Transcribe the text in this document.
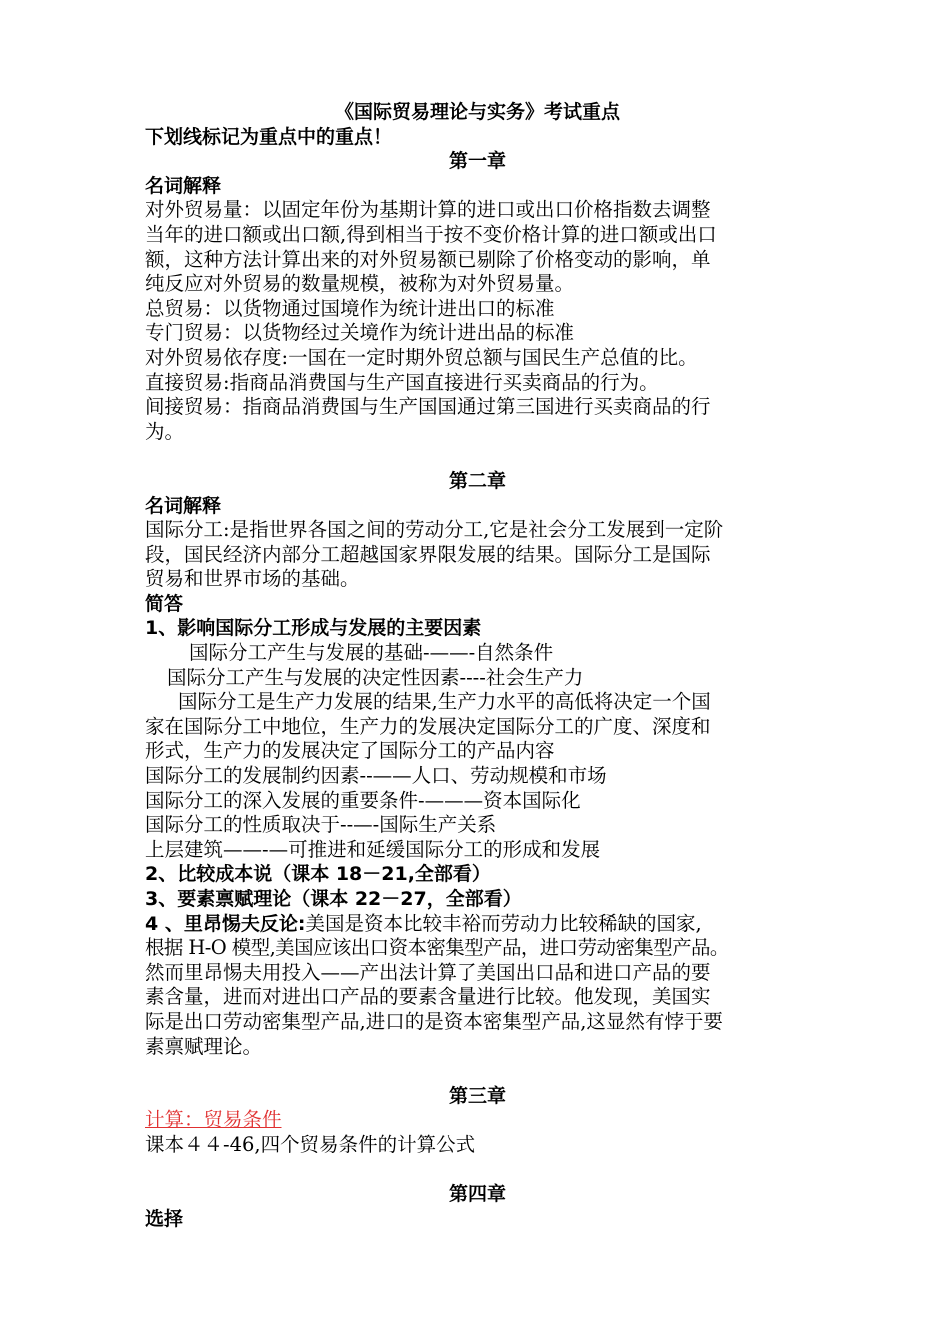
《国际贸易理论与实务》考试重点
下划线标记为重点中的重点！
第一章
名词解释
对外贸易量：以固定年份为基期计算的进口或出口价格指数去调整
当年的进口额或出口额,得到相当于按不变价格计算的进口额或出口
额，这种方法计算出来的对外贸易额已剔除了价格变动的影响，单
纯反应对外贸易的数量规模，被称为对外贸易量。
总贸易：以货物通过国境作为统计进出口的标准
专门贸易：以货物经过关境作为统计进出品的标准
对外贸易依存度:一国在一定时期外贸总额与国民生产总值的比。
直接贸易:指商品消费国与生产国直接进行买卖商品的行为。
间接贸易：指商品消费国与生产国国通过第三国进行买卖商品的行
为。
第二章
名词解释
国际分工:是指世界各国之间的劳动分工,它是社会分工发展到一定阶
段，国民经济内部分工超越国家界限发展的结果。国际分工是国际
贸易和世界市场的基础。
简答
1、影响国际分工形成与发展的主要因素
国际分工产生与发展的基础-——-自然条件
国际分工产生与发展的决定性因素----社会生产力
国际分工是生产力发展的结果,生产力水平的高低将决定一个国
家在国际分工中地位，生产力的发展决定国际分工的广度、深度和
形式，生产力的发展决定了国际分工的产品内容
国际分工的发展制约因素--——人口、劳动规模和市场
国际分工的深入发展的重要条件-———资本国际化
国际分工的性质取决于--—-国际生产关系
上层建筑——-—可推进和延缓国际分工的形成和发展
2、比较成本说（课本 18－21,全部看）
3、要素禀赋理论（课本 22－27，全部看）
4 、里昂惕夫反论:美国是资本比较丰裕而劳动力比较稀缺的国家,
根据 H-O 模型,美国应该出口资本密集型产品，进口劳动密集型产品。
然而里昂惕夫用投入——产出法计算了美国出口品和进口产品的要
素含量，进而对进出口产品的要素含量进行比较。他发现，美国实
际是出口劳动密集型产品,进口的是资本密集型产品,这显然有悖于要
素禀赋理论。
第三章
计算：贸易条件
课本４４-46,四个贸易条件的计算公式
第四章
选择
